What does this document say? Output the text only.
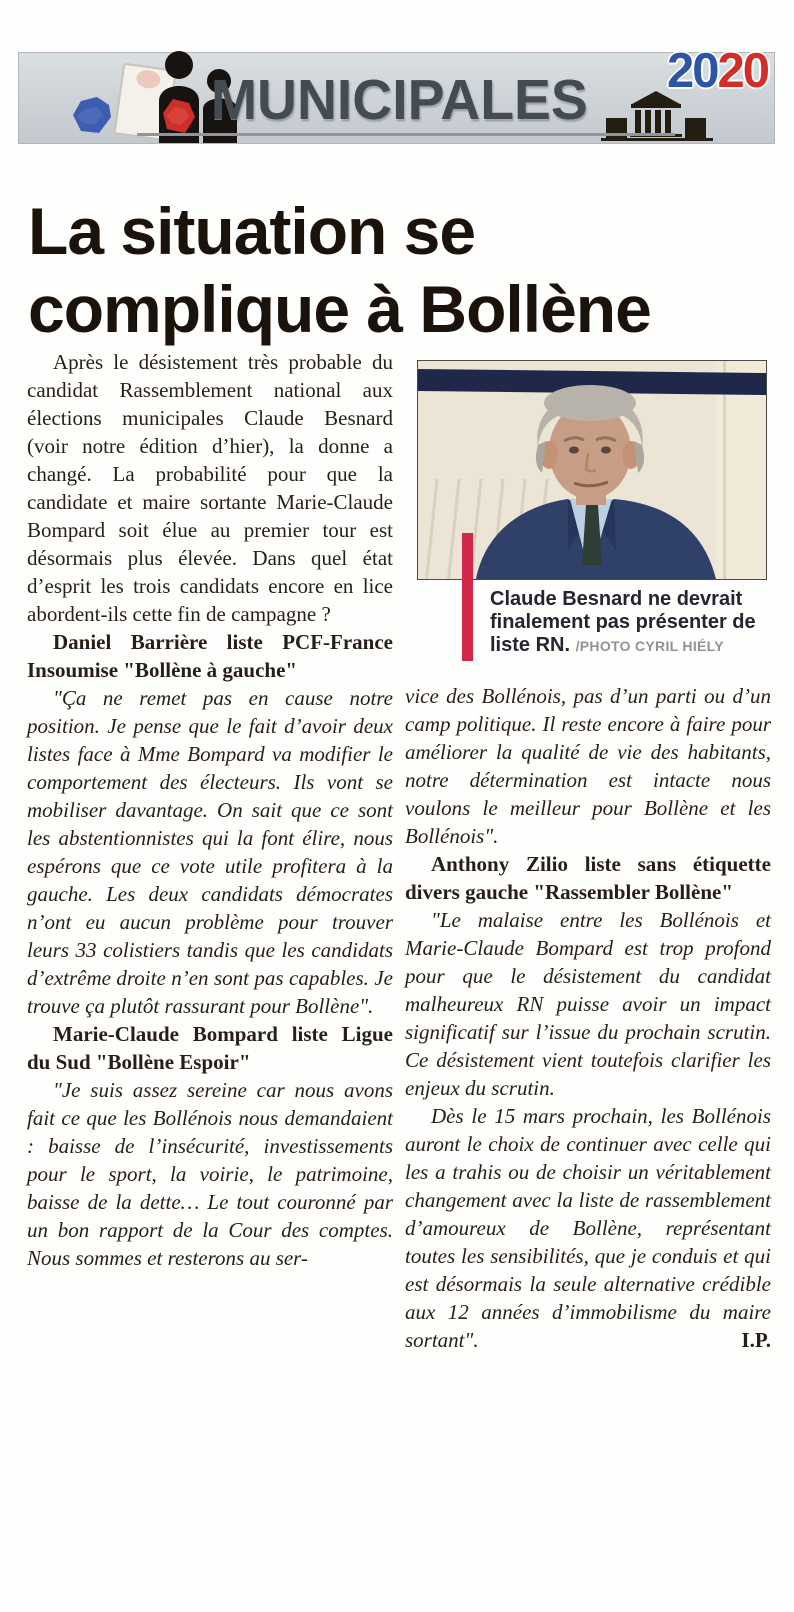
MUNICIPALES 2020
La situation se complique à Bollène

Après le désistement très probable du candidat Rassemblement national aux élections municipales Claude Besnard (voir notre édition d’hier), la donne a changé. La probabilité pour que la candidate et maire sortante Marie-Claude Bompard soit élue au premier tour est désormais plus élevée. Dans quel état d’esprit les trois candidats encore en lice abordent-ils cette fin de campagne ?

Daniel Barrière liste PCF-France Insoumise "Bollène à gauche"

"Ça ne remet pas en cause notre position. Je pense que le fait d’avoir deux listes face à Mme Bompard va modifier le comportement des électeurs. Ils vont se mobiliser davantage. On sait que ce sont les abstentionnistes qui la font élire, nous espérons que ce vote utile profitera à la gauche. Les deux candidats démocrates n’ont eu aucun problème pour trouver leurs 33 colistiers tandis que les candidats d’extrême droite n’en sont pas capables. Je trouve ça plutôt rassurant pour Bollène".

Marie-Claude Bompard liste Ligue du Sud "Bollène Espoir"

"Je suis assez sereine car nous avons fait ce que les Bollénois nous demandaient : baisse de l’insécurité, investissements pour le sport, la voirie, le patrimoine, baisse de la dette… Le tout couronné par un bon rapport de la Cour des comptes. Nous sommes et resterons au ser-

Claude Besnard ne devrait finalement pas présenter de liste RN. /PHOTO CYRIL HIÉLY

vice des Bollénois, pas d’un parti ou d’un camp politique. Il reste encore à faire pour améliorer la qualité de vie des habitants, notre détermination est intacte nous voulons le meilleur pour Bollène et les Bollénois".

Anthony Zilio liste sans étiquette divers gauche "Rassembler Bollène"

"Le malaise entre les Bollénois et Marie-Claude Bompard est trop profond pour que le désistement du candidat malheureux RN puisse avoir un impact significatif sur l’issue du prochain scrutin. Ce désistement vient toutefois clarifier les enjeux du scrutin.

Dès le 15 mars prochain, les Bollénois auront le choix de continuer avec celle qui les a trahis ou de choisir un véritablement changement avec la liste de rassemblement d’amoureux de Bollène, représentant toutes les sensibilités, que je conduis et qui est désormais la seule alternative crédible aux 12 années d’immobilisme du maire sortant".	I.P.
